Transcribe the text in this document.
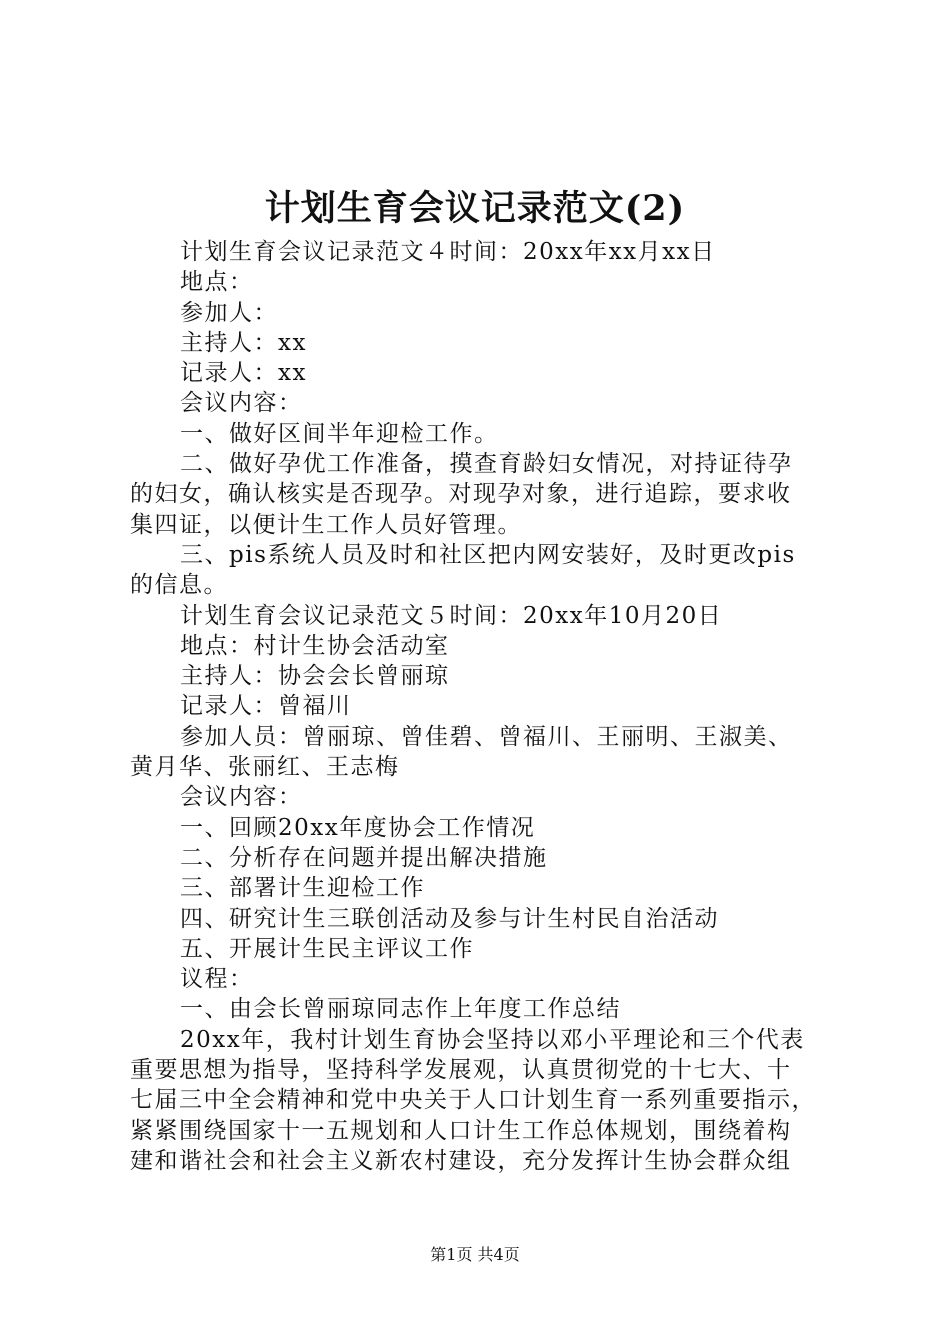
计划生育会议记录范文(2)
计划生育会议记录范文４时间：20xx年xx月xx日
地点：
参加人：
主持人：xx
记录人：xx
会议内容：
一、做好区间半年迎检工作。
二、做好孕优工作准备，摸查育龄妇女情况，对持证待孕
的妇女，确认核实是否现孕。对现孕对象，进行追踪，要求收
集四证，以便计生工作人员好管理。
三、pis系统人员及时和社区把内网安装好，及时更改pis
的信息。
计划生育会议记录范文５时间：20xx年10月20日
地点：村计生协会活动室
主持人：协会会长曾丽琼
记录人：曾福川
参加人员：曾丽琼、曾佳碧、曾福川、王丽明、王淑美、
黄月华、张丽红、王志梅
会议内容：
一、回顾20xx年度协会工作情况
二、分析存在问题并提出解决措施
三、部署计生迎检工作
四、研究计生三联创活动及参与计生村民自治活动
五、开展计生民主评议工作
议程：
一、由会长曾丽琼同志作上年度工作总结
20xx年，我村计划生育协会坚持以邓小平理论和三个代表
重要思想为指导，坚持科学发展观，认真贯彻党的十七大、十
七届三中全会精神和党中央关于人口计划生育一系列重要指示，
紧紧围绕国家十一五规划和人口计生工作总体规划，围绕着构
建和谐社会和社会主义新农村建设，充分发挥计生协会群众组
第1页 共4页
